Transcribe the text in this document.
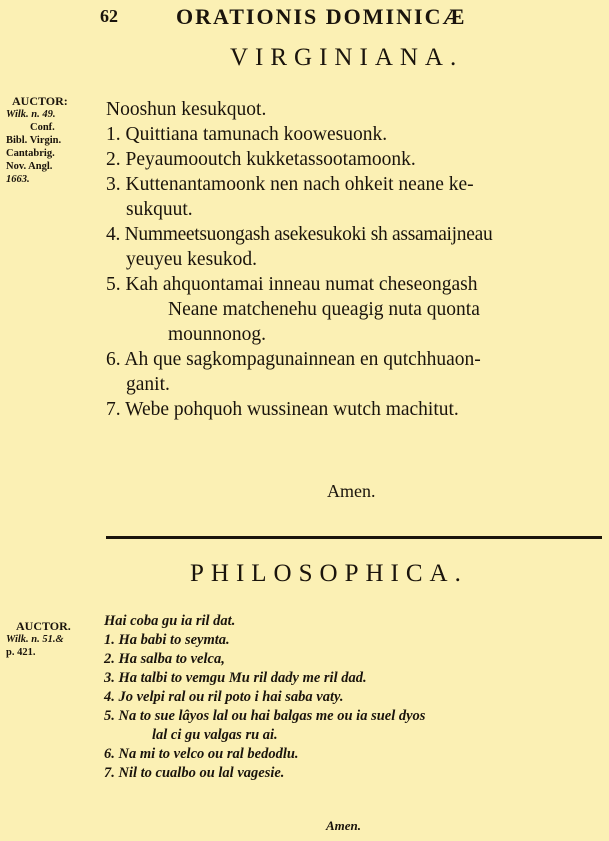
62	ORATIONIS DOMINICÆ
VIRGINIANA.
AUCTOR:
Wilk. n. 49.
Conf.
Bibl. Virgin.
Cantabrig.
Nov. Angl.
1663.
Nooshun kesukquot.
1. Quittiana tamunach koowesuonk.
2. Peyaumooutch kukketassootamoonk.
3. Kuttenantamoonk nen nach ohkeit neane ke-
sukquut.
4. Nummeetsuongash asekesukoki sh assamaijneau
yeuyeu kesukod.
5. Kah ahquontamai inneau numat cheseongash
Neane matchenehu queagig nuta quonta
mounnonog.
6. Ah que sagkompagunainnean en qutchhuaon-
ganit.
7. Webe pohquoh wussinean wutch machitut.
Amen.
PHILOSOPHICA.
AUCTOR.
Wilk. n. 51.&
p. 421.
Hai coba gu ia ril dat.
1. Ha babi to seymta.
2. Ha salba to velca,
3. Ha talbi to vemgu Mu ril dady me ril dad.
4. Jo velpi ral ou ril poto i hai saba vaty.
5. Na to sue lâyos lal ou hai balgas me ou ia suel dyos
lal ci gu valgas ru ai.
6. Na mi to velco ou ral bedodlu.
7. Nil to cualbo ou lal vagesie.
Amen.
